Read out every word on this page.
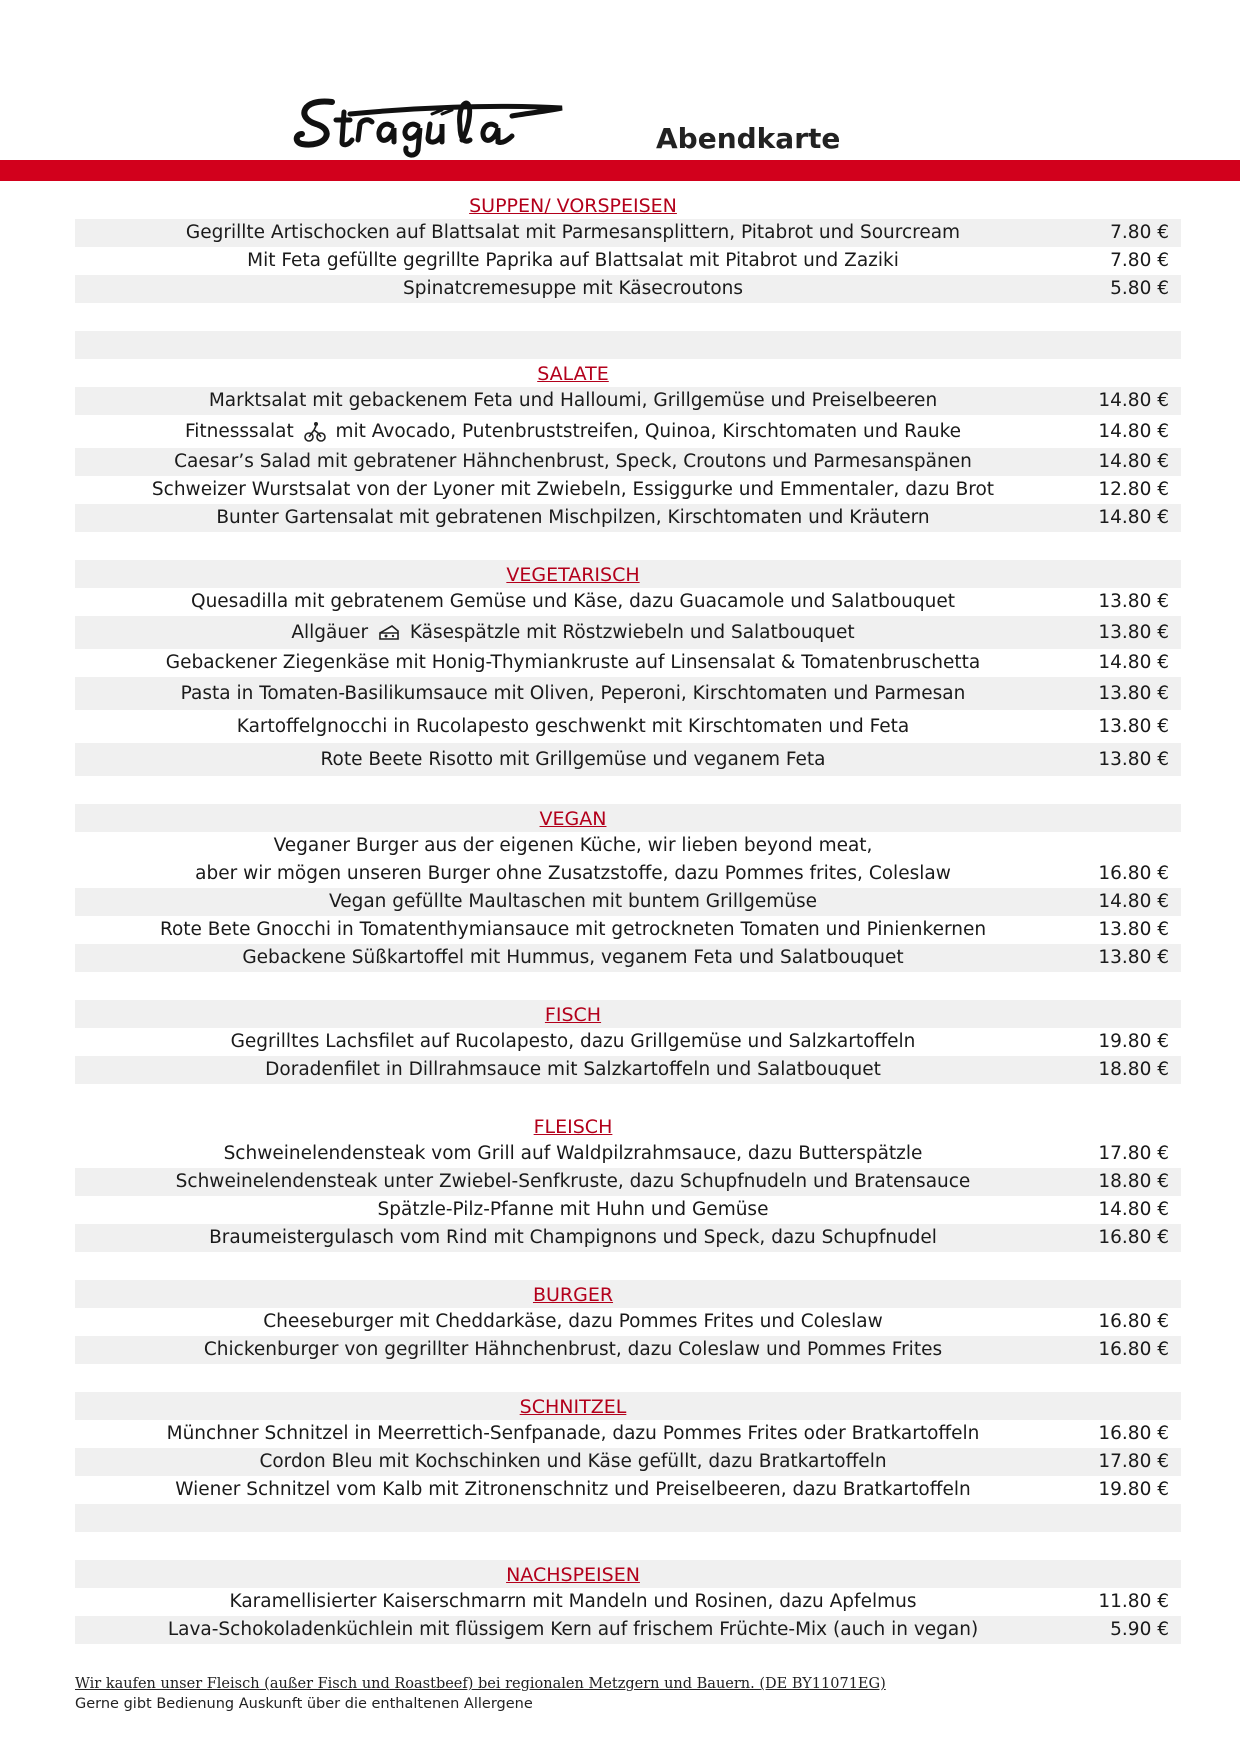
Abendkarte
SUPPEN/ VORSPEISEN
Gegrillte Artischocken auf Blattsalat mit Parmesansplittern, Pitabrot und Sourcream	7.80 €
Mit Feta gefüllte gegrillte Paprika auf Blattsalat mit Pitabrot und Zaziki	7.80 €
Spinatcremesuppe mit Käsecroutons	5.80 €
SALATE
Marktsalat mit gebackenem Feta und Halloumi, Grillgemüse und Preiselbeeren	14.80 €
Fitnesssalat mit Avocado, Putenbruststreifen, Quinoa, Kirschtomaten und Rauke	14.80 €
Caesar’s Salad mit gebratener Hähnchenbrust, Speck, Croutons und Parmesanspänen	14.80 €
Schweizer Wurstsalat von der Lyoner mit Zwiebeln, Essiggurke und Emmentaler, dazu Brot	12.80 €
Bunter Gartensalat mit gebratenen Mischpilzen, Kirschtomaten und Kräutern	14.80 €
VEGETARISCH
Quesadilla mit gebratenem Gemüse und Käse, dazu Guacamole und Salatbouquet	13.80 €
Allgäuer Käsespätzle mit Röstzwiebeln und Salatbouquet	13.80 €
Gebackener Ziegenkäse mit Honig-Thymiankruste auf Linsensalat & Tomatenbruschetta	14.80 €
Pasta in Tomaten-Basilikumsauce mit Oliven, Peperoni, Kirschtomaten und Parmesan	13.80 €
Kartoffelgnocchi in Rucolapesto geschwenkt mit Kirschtomaten und Feta	13.80 €
Rote Beete Risotto mit Grillgemüse und veganem Feta	13.80 €
VEGAN
Veganer Burger aus der eigenen Küche, wir lieben beyond meat,
aber wir mögen unseren Burger ohne Zusatzstoffe, dazu Pommes frites, Coleslaw	16.80 €
Vegan gefüllte Maultaschen mit buntem Grillgemüse	14.80 €
Rote Bete Gnocchi in Tomatenthymiansauce mit getrockneten Tomaten und Pinienkernen	13.80 €
Gebackene Süßkartoffel mit Hummus, veganem Feta und Salatbouquet	13.80 €
FISCH
Gegrilltes Lachsfilet auf Rucolapesto, dazu Grillgemüse und Salzkartoffeln	19.80 €
Doradenfilet in Dillrahmsauce mit Salzkartoffeln und Salatbouquet	18.80 €
FLEISCH
Schweinelendensteak vom Grill auf Waldpilzrahmsauce, dazu Butterspätzle	17.80 €
Schweinelendensteak unter Zwiebel-Senfkruste, dazu Schupfnudeln und Bratensauce	18.80 €
Spätzle-Pilz-Pfanne mit Huhn und Gemüse	14.80 €
Braumeistergulasch vom Rind mit Champignons und Speck, dazu Schupfnudel	16.80 €
BURGER
Cheeseburger mit Cheddarkäse, dazu Pommes Frites und Coleslaw	16.80 €
Chickenburger von gegrillter Hähnchenbrust, dazu Coleslaw und Pommes Frites	16.80 €
SCHNITZEL
Münchner Schnitzel in Meerrettich-Senfpanade, dazu Pommes Frites oder Bratkartoffeln	16.80 €
Cordon Bleu mit Kochschinken und Käse gefüllt, dazu Bratkartoffeln	17.80 €
Wiener Schnitzel vom Kalb mit Zitronenschnitz und Preiselbeeren, dazu Bratkartoffeln	19.80 €
NACHSPEISEN
Karamellisierter Kaiserschmarrn mit Mandeln und Rosinen, dazu Apfelmus	11.80 €
Lava-Schokoladenküchlein mit flüssigem Kern auf frischem Früchte-Mix (auch in vegan)	5.90 €
Wir kaufen unser Fleisch (außer Fisch und Roastbeef) bei regionalen Metzgern und Bauern. (DE BY11071EG)
Gerne gibt Bedienung Auskunft über die enthaltenen Allergene
